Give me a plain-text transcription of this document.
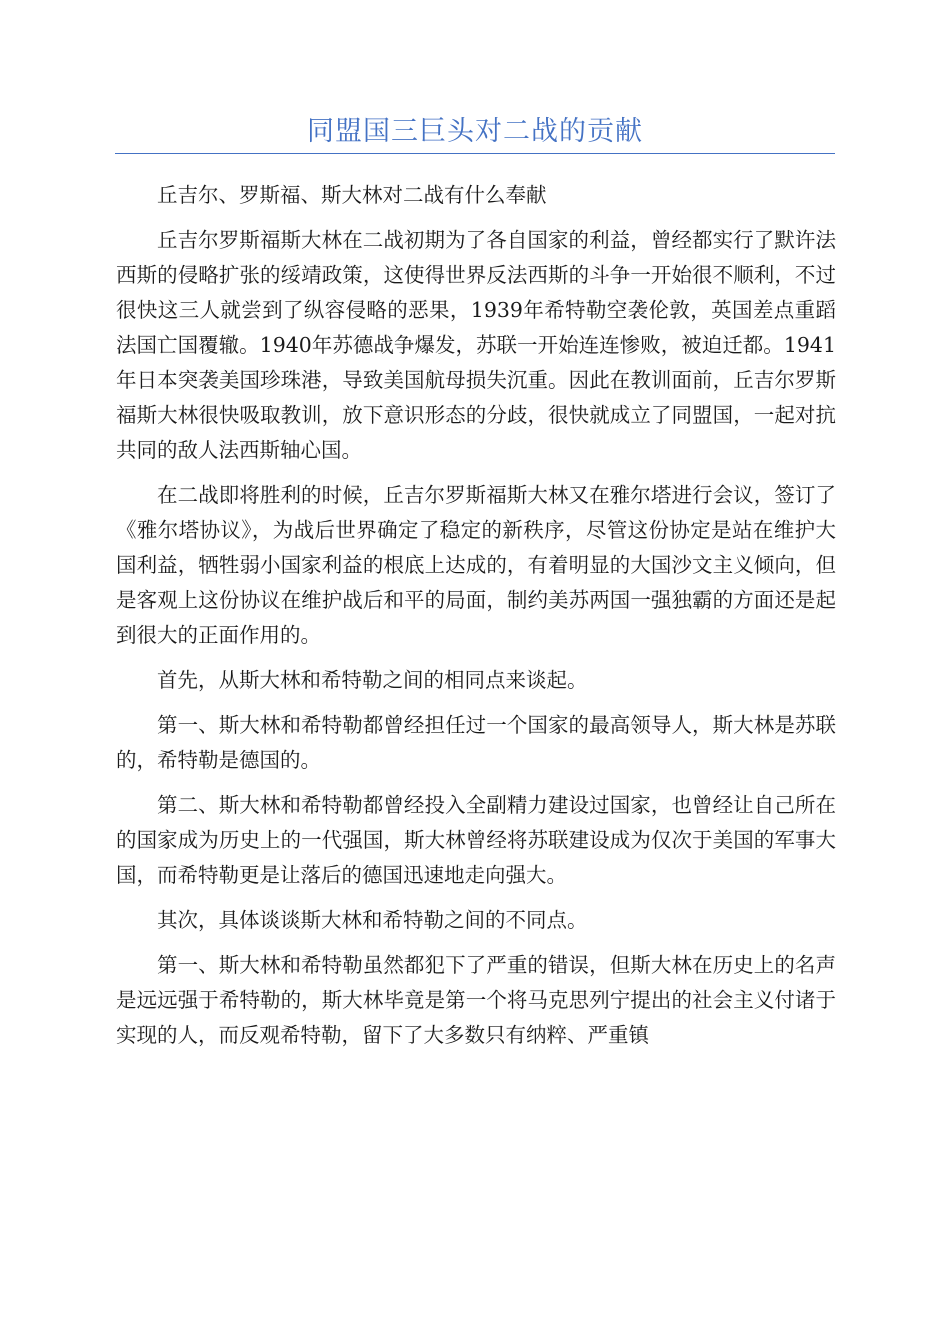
同盟国三巨头对二战的贡献

丘吉尔、罗斯福、斯大林对二战有什么奉献

丘吉尔罗斯福斯大林在二战初期为了各自国家的利益，曾经都实行了默许法西斯的侵略扩张的绥靖政策，这使得世界反法西斯的斗争一开始很不顺利，不过很快这三人就尝到了纵容侵略的恶果，1939年希特勒空袭伦敦，英国差点重蹈法国亡国覆辙。1940年苏德战争爆发，苏联一开始连连惨败，被迫迁都。1941年日本突袭美国珍珠港，导致美国航母损失沉重。因此在教训面前，丘吉尔罗斯福斯大林很快吸取教训，放下意识形态的分歧，很快就成立了同盟国，一起对抗共同的敌人法西斯轴心国。

在二战即将胜利的时候，丘吉尔罗斯福斯大林又在雅尔塔进行会议，签订了《雅尔塔协议》，为战后世界确定了稳定的新秩序，尽管这份协定是站在维护大国利益，牺牲弱小国家利益的根底上达成的，有着明显的大国沙文主义倾向，但是客观上这份协议在维护战后和平的局面，制约美苏两国一强独霸的方面还是起到很大的正面作用的。

首先，从斯大林和希特勒之间的相同点来谈起。

第一、斯大林和希特勒都曾经担任过一个国家的最高领导人，斯大林是苏联的，希特勒是德国的。

第二、斯大林和希特勒都曾经投入全副精力建设过国家，也曾经让自己所在的国家成为历史上的一代强国，斯大林曾经将苏联建设成为仅次于美国的军事大国，而希特勒更是让落后的德国迅速地走向强大。

其次，具体谈谈斯大林和希特勒之间的不同点。

第一、斯大林和希特勒虽然都犯下了严重的错误，但斯大林在历史上的名声是远远强于希特勒的，斯大林毕竟是第一个将马克思列宁提出的社会主义付诸于实现的人，而反观希特勒，留下了大多数只有纳粹、严重镇
